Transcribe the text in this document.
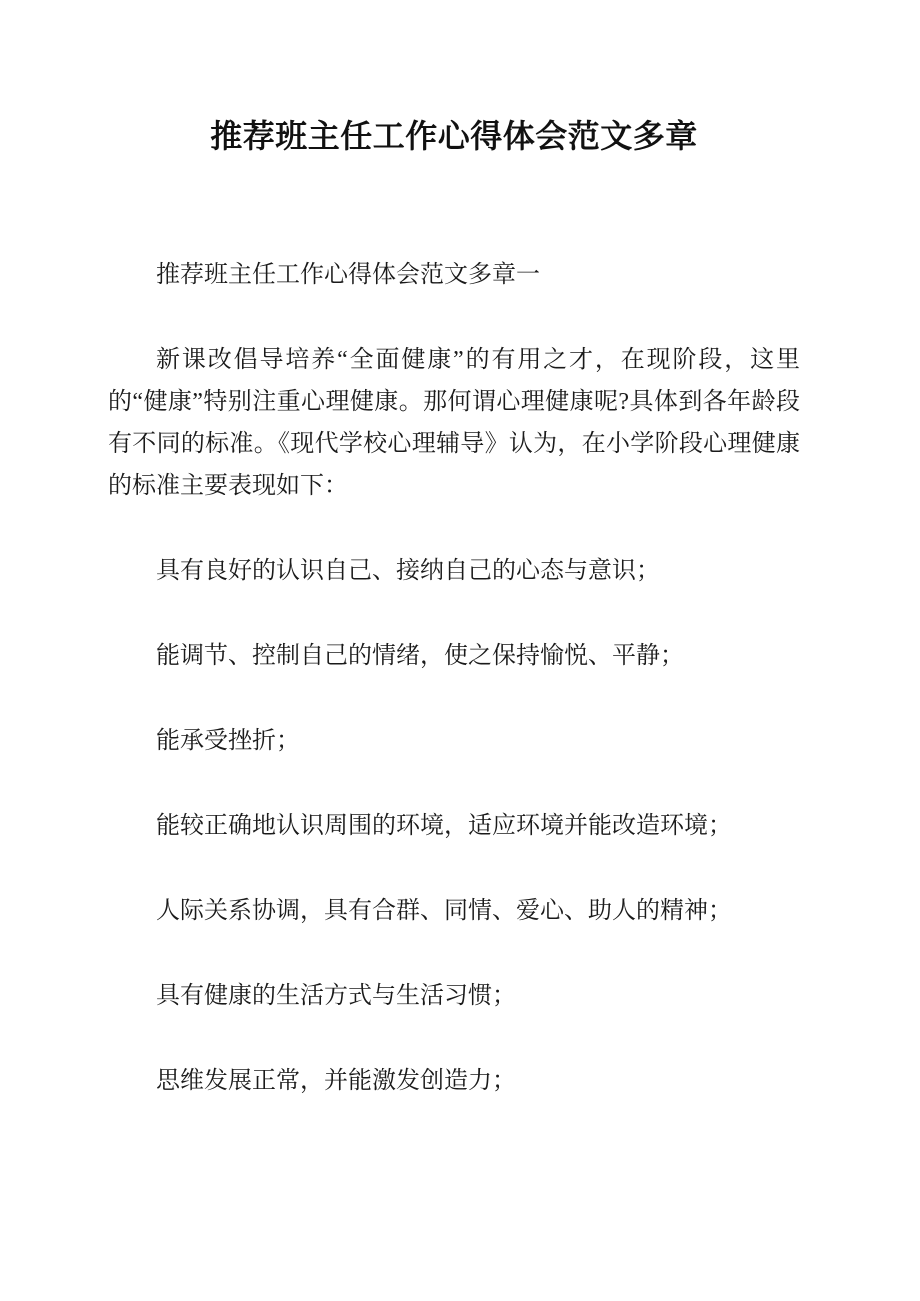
推荐班主任工作心得体会范文多章

推荐班主任工作心得体会范文多章一

新课改倡导培养“全面健康”的有用之才，在现阶段，这里的“健康”特别注重心理健康。那何谓心理健康呢?具体到各年龄段有不同的标准。《现代学校心理辅导》认为，在小学阶段心理健康的标准主要表现如下：

具有良好的认识自己、接纳自己的心态与意识；

能调节、控制自己的情绪，使之保持愉悦、平静；

能承受挫折；

能较正确地认识周围的环境，适应环境并能改造环境；

人际关系协调，具有合群、同情、爱心、助人的精神；

具有健康的生活方式与生活习惯；

思维发展正常，并能激发创造力；
